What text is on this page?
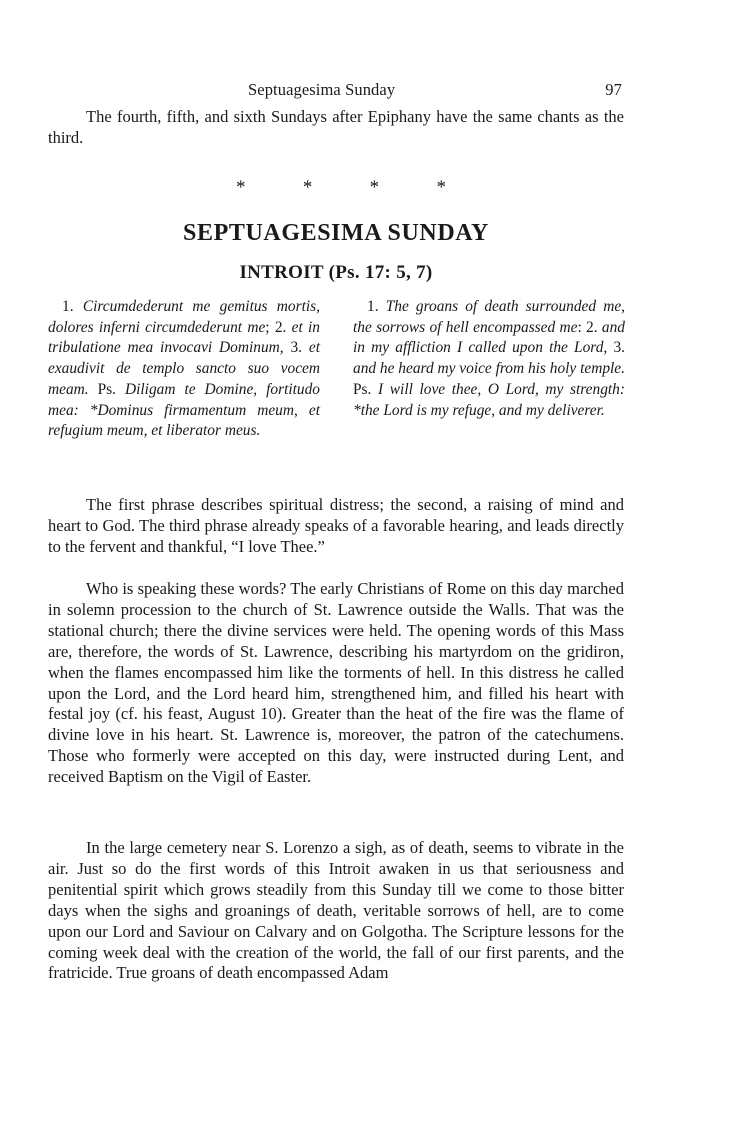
Septuagesima Sunday	97

The fourth, fifth, and sixth Sundays after Epiphany have the same chants as the third.

*	*	*	*
SEPTUAGESIMA SUNDAY
INTROIT (Ps. 17: 5, 7)

1. Circumdederunt me gemitus mortis, dolores inferni circumdederunt me; 2. et in tribulatione mea invocavi Dominum, 3. et exaudivit de templo sancto suo vocem meam. Ps. Diligam te Domine, fortitudo mea: *Dominus firmamentum meum, et refugium meum, et liberator meus.

1. The groans of death surrounded me, the sorrows of hell encompassed me: 2. and in my affliction I called upon the Lord, 3. and he heard my voice from his holy temple. Ps. I will love thee, O Lord, my strength: *the Lord is my refuge, and my deliverer.

The first phrase describes spiritual distress; the second, a raising of mind and heart to God. The third phrase already speaks of a favorable hearing, and leads directly to the fervent and thankful, “I love Thee.”

Who is speaking these words? The early Christians of Rome on this day marched in solemn procession to the church of St. Lawrence outside the Walls. That was the stational church; there the divine services were held. The opening words of this Mass are, therefore, the words of St. Lawrence, describing his martyrdom on the gridiron, when the flames encompassed him like the torments of hell. In this distress he called upon the Lord, and the Lord heard him, strengthened him, and filled his heart with festal joy (cf. his feast, August 10). Greater than the heat of the fire was the flame of divine love in his heart. St. Lawrence is, moreover, the patron of the catechumens. Those who formerly were accepted on this day, were instructed during Lent, and received Baptism on the Vigil of Easter.

In the large cemetery near S. Lorenzo a sigh, as of death, seems to vibrate in the air. Just so do the first words of this Introit awaken in us that seriousness and penitential spirit which grows steadily from this Sunday till we come to those bitter days when the sighs and groanings of death, veritable sorrows of hell, are to come upon our Lord and Saviour on Calvary and on Golgotha. The Scripture lessons for the coming week deal with the creation of the world, the fall of our first parents, and the fratricide. True groans of death encompassed Adam
